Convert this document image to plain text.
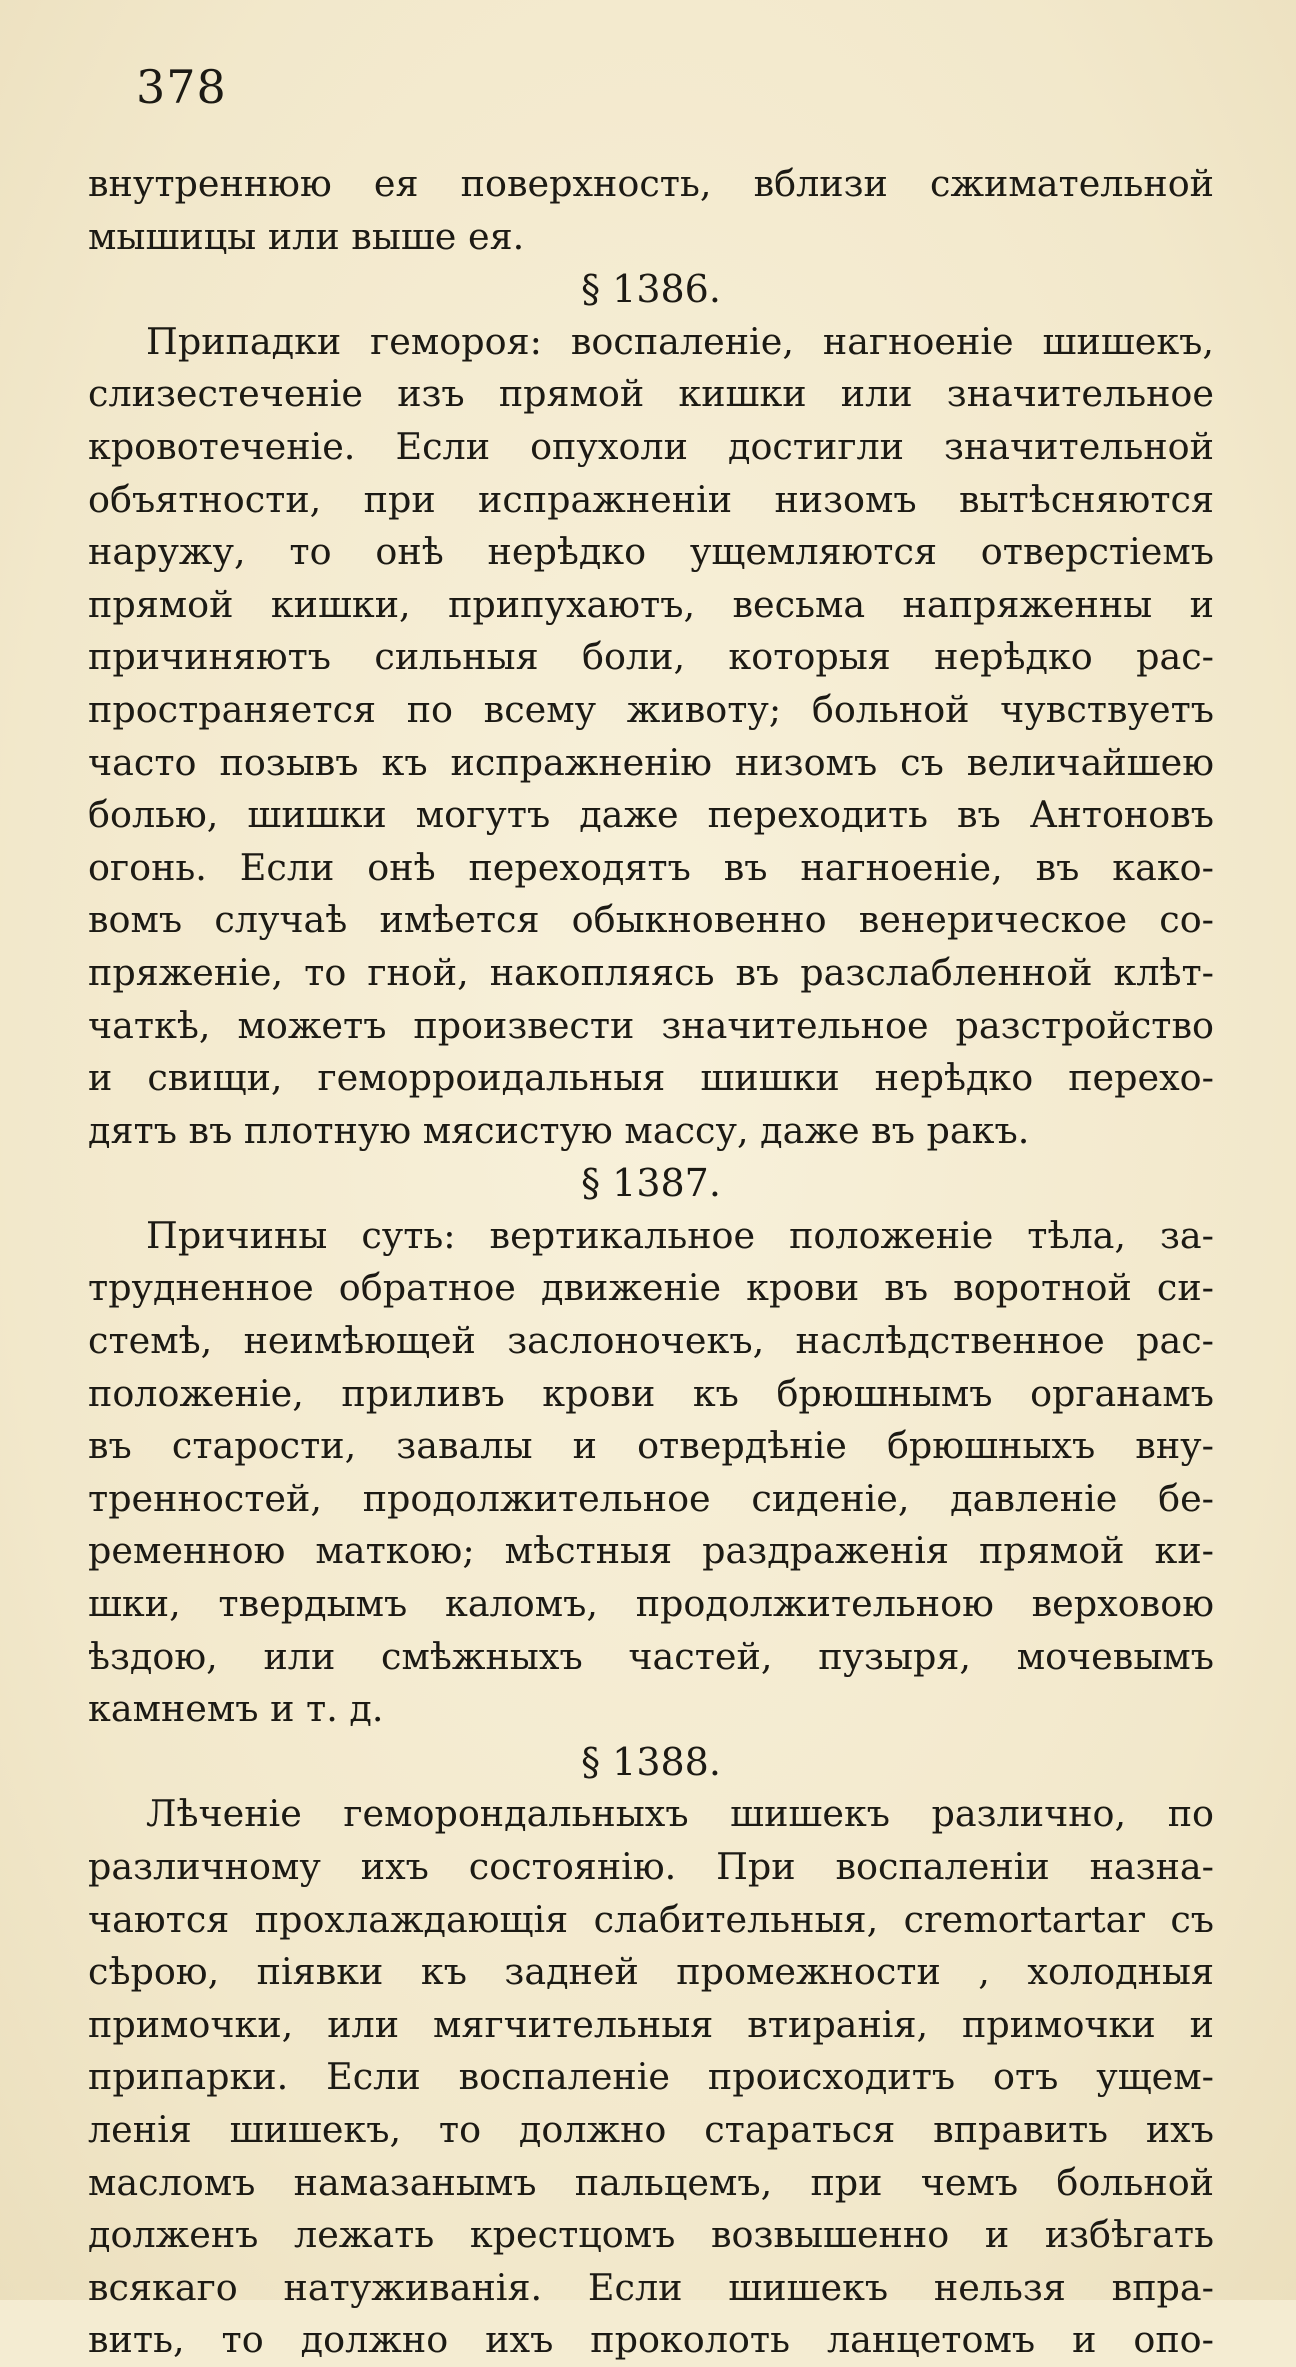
378
внутреннюю ея поверхность, вблизи сжимательной
мышицы или выше ея.
§ 1386.
Припадки гемороя: воспаленіе, нагноеніе шишекъ,
слизестеченіе изъ прямой кишки или значительное
кровотеченіе. Если опухоли достигли значительной
объятности, при испражненіи низомъ вытѣсняются
наружу, то онѣ нерѣдко ущемляются отверстіемъ
прямой кишки, припухаютъ, весьма напряженны и
причиняютъ сильныя боли, которыя нерѣдко рас-
пространяется по всему животу; больной чувствуетъ
часто позывъ къ испражненію низомъ съ величайшею
болью, шишки могутъ даже переходить въ Антоновъ
огонь. Если онѣ переходятъ въ нагноеніе, въ како-
вомъ случаѣ имѣется обыкновенно венерическое со-
пряженіе, то гной, накопляясь въ разслабленной клѣт-
чаткѣ, можетъ произвести значительное разстройство
и свищи, геморроидальныя шишки нерѣдко перехо-
дятъ въ плотную мясистую массу, даже въ ракъ.
§ 1387.
Причины суть: вертикальное положеніе тѣла, за-
трудненное обратное движеніе крови въ воротной си-
стемѣ, неимѣющей заслоночекъ, наслѣдственное рас-
положеніе, приливъ крови къ брюшнымъ органамъ
въ старости, завалы и отвердѣніе брюшныхъ вну-
тренностей, продолжительное сиденіе, давленіе бе-
ременною маткою; мѣстныя раздраженія прямой ки-
шки, твердымъ каломъ, продолжительною верховою
ѣздою, или смѣжныхъ частей, пузыря, мочевымъ
камнемъ и т. д.
§ 1388.
Лѣченіе геморондальныхъ шишекъ различно, по
различному ихъ состоянію. При воспаленіи назна-
чаются прохлаждающія слабительныя, cremortartar съ
сѣрою, піявки къ задней промежности , холодныя
примочки, или мягчительныя втиранія, примочки и
припарки. Если воспаленіе происходитъ отъ ущем-
ленія шишекъ, то должно стараться вправить ихъ
масломъ намазанымъ пальцемъ, при чемъ больной
долженъ лежать крестцомъ возвышенно и избѣгать
всякаго натуживанія. Если шишекъ нельзя впра-
вить, то должно ихъ проколоть ланцетомъ и опо-
